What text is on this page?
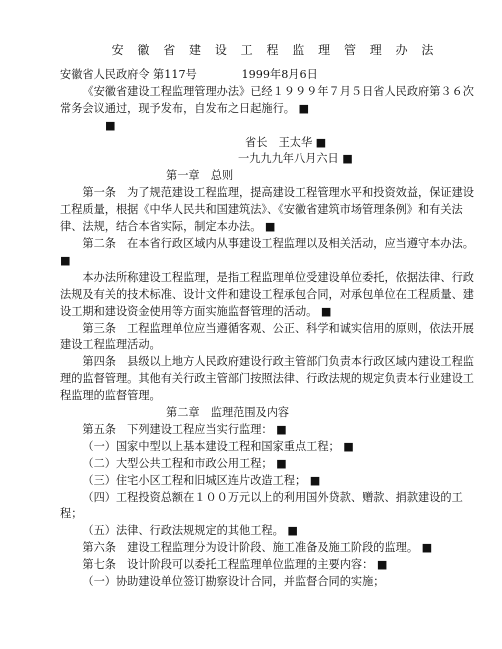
安 徽 省 建 设 工 程 监 理 管 理 办 法

安徽省人民政府令 第117号　　　　1999年8月6日

《安徽省建设工程监理管理办法》已经１９９９年７月５日省人民政府第３６次常务会议通过，现予发布，自发布之日起施行。 ■

■

省长　王太华 ■

一九九九年八月六日 ■

第一章　总则

第一条　为了规范建设工程监理，提高建设工程管理水平和投资效益，保证建设工程质量，根据《中华人民共和国建筑法》、《安徽省建筑市场管理条例》和有关法律、法规，结合本省实际，制定本办法。 ■

第二条　在本省行政区域内从事建设工程监理以及相关活动，应当遵守本办法。 ■

本办法所称建设工程监理，是指工程监理单位受建设单位委托，依据法律、行政法规及有关的技术标准、设计文件和建设工程承包合同，对承包单位在工程质量、建设工期和建设资金使用等方面实施监督管理的活动。 ■

第三条　工程监理单位应当遵循客观、公正、科学和诚实信用的原则，依法开展建设工程监理活动。

第四条　县级以上地方人民政府建设行政主管部门负责本行政区域内建设工程监理的监督管理。其他有关行政主管部门按照法律、行政法规的规定负责本行业建设工程监理的监督管理。

第二章　监理范围及内容

第五条　下列建设工程应当实行监理： ■

（一）国家中型以上基本建设工程和国家重点工程； ■

（二）大型公共工程和市政公用工程； ■

（三）住宅小区工程和旧城区连片改造工程； ■

（四）工程投资总额在１００万元以上的利用国外贷款、赠款、捐款建设的工程；

（五）法律、行政法规规定的其他工程。 ■

第六条　建设工程监理分为设计阶段、施工准备及施工阶段的监理。 ■

第七条　设计阶段可以委托工程监理单位监理的主要内容： ■

（一）协助建设单位签订勘察设计合同，并监督合同的实施；
